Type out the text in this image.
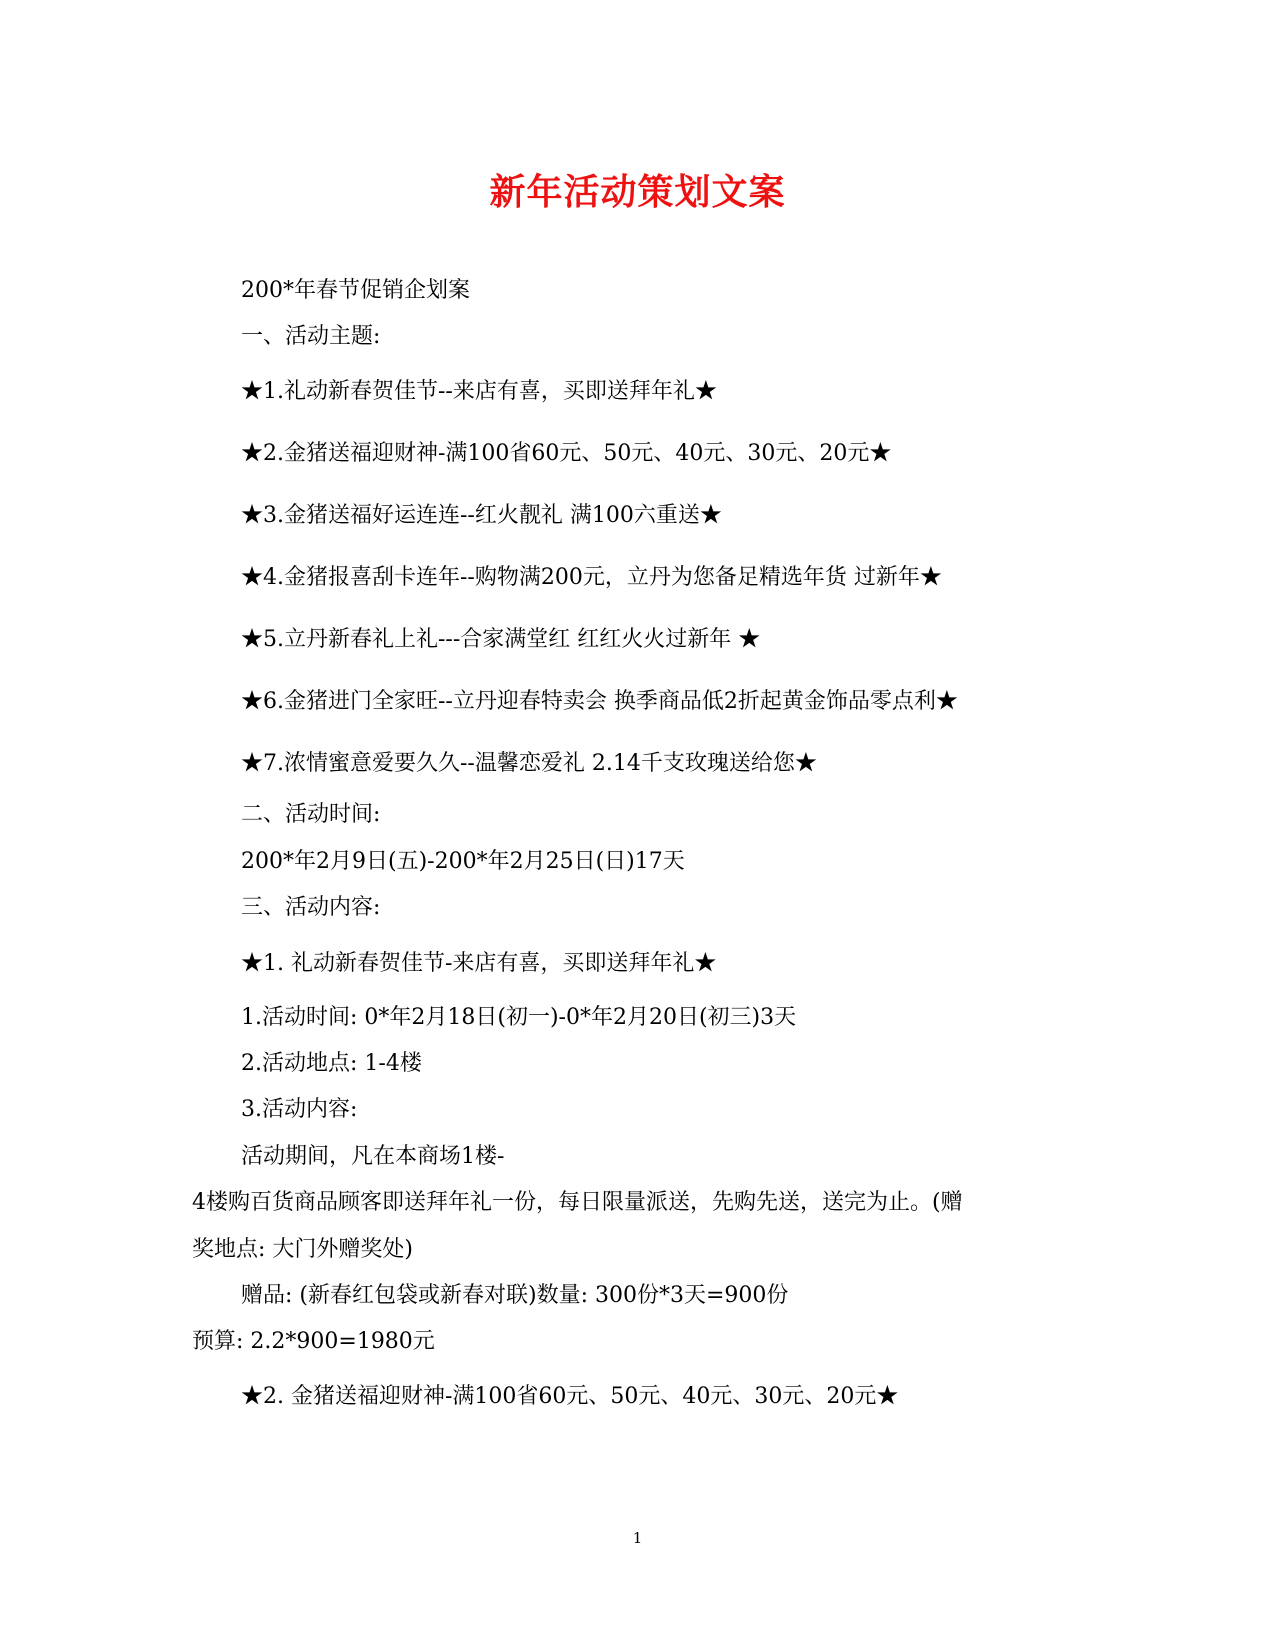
新年活动策划文案
200*年春节促销企划案
一、活动主题:
★1.礼动新春贺佳节--来店有喜，买即送拜年礼★
★2.金猪送福迎财神-满100省60元、50元、40元、30元、20元★
★3.金猪送福好运连连--红火靓礼 满100六重送★
★4.金猪报喜刮卡连年--购物满200元，立丹为您备足精选年货 过新年★
★5.立丹新春礼上礼---合家满堂红 红红火火过新年 ★
★6.金猪进门全家旺--立丹迎春特卖会 换季商品低2折起黄金饰品零点利★
★7.浓情蜜意爱要久久--温馨恋爱礼 2.14千支玫瑰送给您★
二、活动时间:
200*年2月9日(五)-200*年2月25日(日)17天
三、活动内容:
★1. 礼动新春贺佳节-来店有喜，买即送拜年礼★
1.活动时间: 0*年2月18日(初一)-0*年2月20日(初三)3天
2.活动地点: 1-4楼
3.活动内容:
活动期间，凡在本商场1楼-
4楼购百货商品顾客即送拜年礼一份，每日限量派送，先购先送，送完为止。(赠
奖地点: 大门外赠奖处)
赠品: (新春红包袋或新春对联)数量: 300份*3天=900份
预算: 2.2*900=1980元
★2. 金猪送福迎财神-满100省60元、50元、40元、30元、20元★
1
